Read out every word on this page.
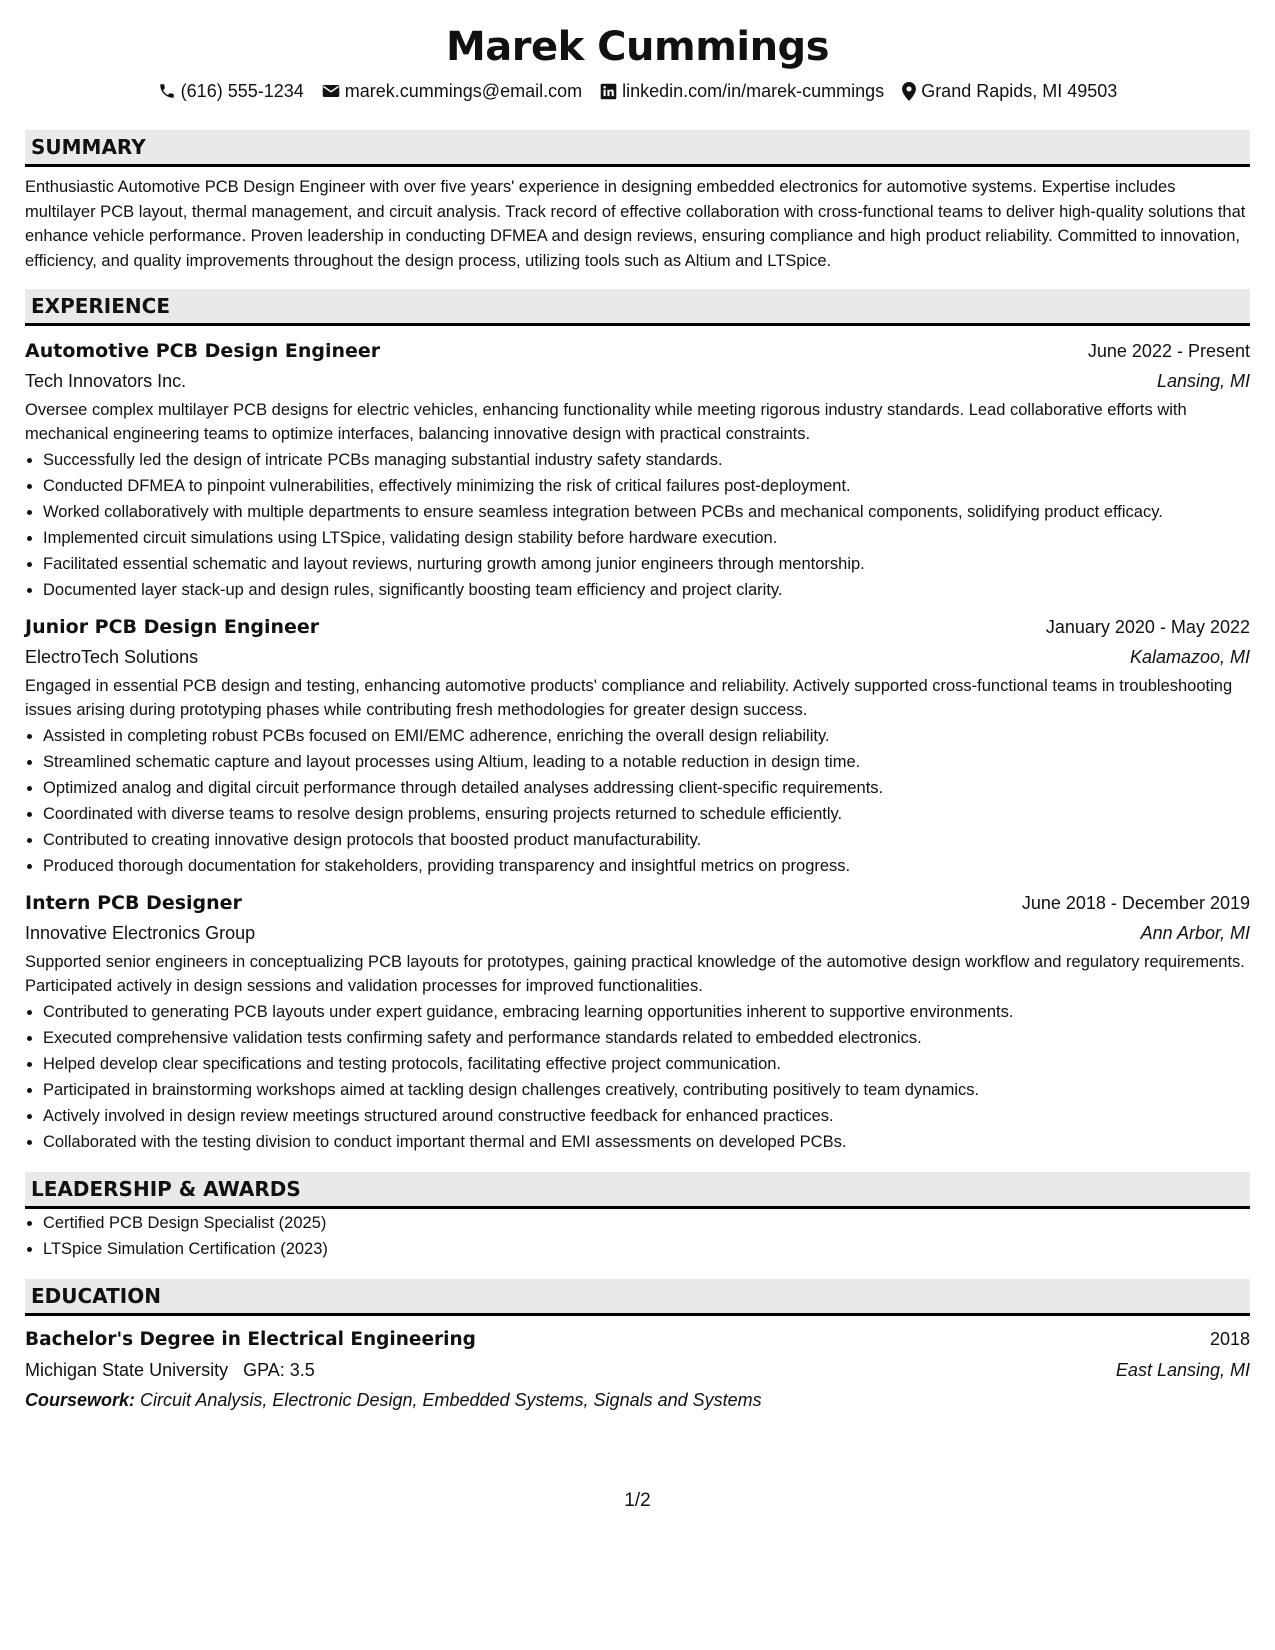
Marek Cummings
(616) 555-1234 marek.cummings@email.com linkedin.com/in/marek-cummings Grand Rapids, MI 49503
SUMMARY
Enthusiastic Automotive PCB Design Engineer with over five years' experience in designing embedded electronics for automotive systems. Expertise includes multilayer PCB layout, thermal management, and circuit analysis. Track record of effective collaboration with cross-functional teams to deliver high-quality solutions that enhance vehicle performance. Proven leadership in conducting DFMEA and design reviews, ensuring compliance and high product reliability. Committed to innovation, efficiency, and quality improvements throughout the design process, utilizing tools such as Altium and LTSpice.
EXPERIENCE
Automotive PCB Design Engineer	June 2022 - Present
Tech Innovators Inc.	Lansing, MI
Oversee complex multilayer PCB designs for electric vehicles, enhancing functionality while meeting rigorous industry standards. Lead collaborative efforts with mechanical engineering teams to optimize interfaces, balancing innovative design with practical constraints.
• Successfully led the design of intricate PCBs managing substantial industry safety standards.
• Conducted DFMEA to pinpoint vulnerabilities, effectively minimizing the risk of critical failures post-deployment.
• Worked collaboratively with multiple departments to ensure seamless integration between PCBs and mechanical components, solidifying product efficacy.
• Implemented circuit simulations using LTSpice, validating design stability before hardware execution.
• Facilitated essential schematic and layout reviews, nurturing growth among junior engineers through mentorship.
• Documented layer stack-up and design rules, significantly boosting team efficiency and project clarity.
Junior PCB Design Engineer	January 2020 - May 2022
ElectroTech Solutions	Kalamazoo, MI
Engaged in essential PCB design and testing, enhancing automotive products' compliance and reliability. Actively supported cross-functional teams in troubleshooting issues arising during prototyping phases while contributing fresh methodologies for greater design success.
• Assisted in completing robust PCBs focused on EMI/EMC adherence, enriching the overall design reliability.
• Streamlined schematic capture and layout processes using Altium, leading to a notable reduction in design time.
• Optimized analog and digital circuit performance through detailed analyses addressing client-specific requirements.
• Coordinated with diverse teams to resolve design problems, ensuring projects returned to schedule efficiently.
• Contributed to creating innovative design protocols that boosted product manufacturability.
• Produced thorough documentation for stakeholders, providing transparency and insightful metrics on progress.
Intern PCB Designer	June 2018 - December 2019
Innovative Electronics Group	Ann Arbor, MI
Supported senior engineers in conceptualizing PCB layouts for prototypes, gaining practical knowledge of the automotive design workflow and regulatory requirements. Participated actively in design sessions and validation processes for improved functionalities.
• Contributed to generating PCB layouts under expert guidance, embracing learning opportunities inherent to supportive environments.
• Executed comprehensive validation tests confirming safety and performance standards related to embedded electronics.
• Helped develop clear specifications and testing protocols, facilitating effective project communication.
• Participated in brainstorming workshops aimed at tackling design challenges creatively, contributing positively to team dynamics.
• Actively involved in design review meetings structured around constructive feedback for enhanced practices.
• Collaborated with the testing division to conduct important thermal and EMI assessments on developed PCBs.
LEADERSHIP & AWARDS
• Certified PCB Design Specialist (2025)
• LTSpice Simulation Certification (2023)
EDUCATION
Bachelor's Degree in Electrical Engineering	2018
Michigan State University GPA: 3.5	East Lansing, MI
Coursework: Circuit Analysis, Electronic Design, Embedded Systems, Signals and Systems
1/2
